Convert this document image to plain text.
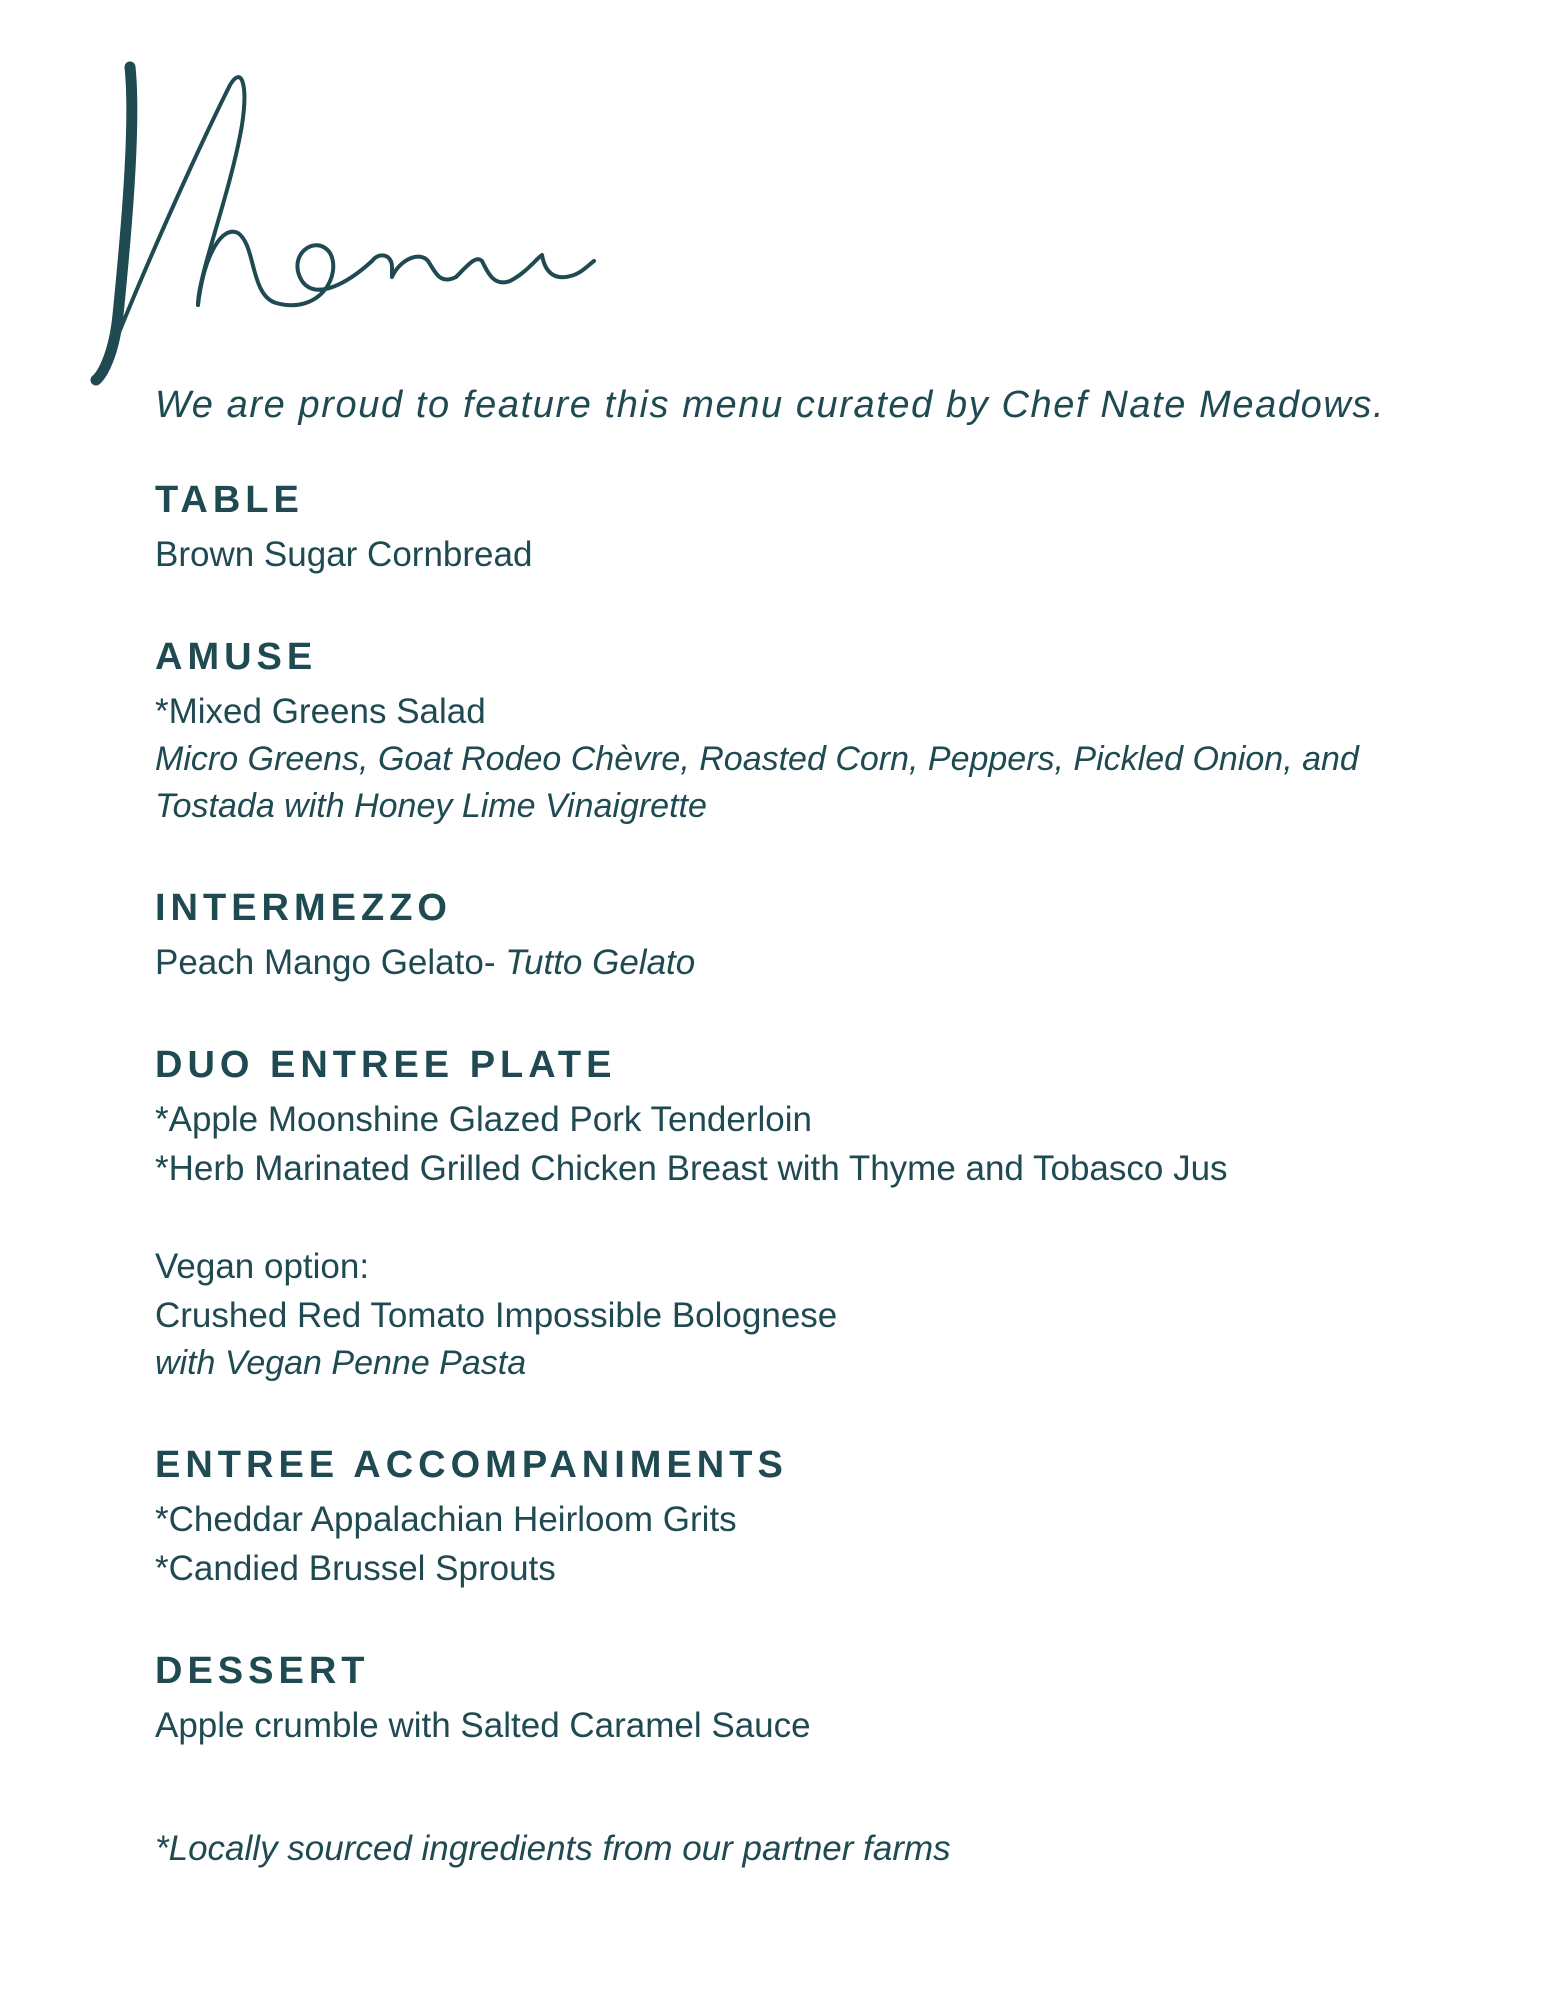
We are proud to feature this menu curated by Chef Nate Meadows.

TABLE

Brown Sugar Cornbread

AMUSE

*Mixed Greens Salad

Micro Greens, Goat Rodeo Chèvre, Roasted Corn, Peppers, Pickled Onion, and

Tostada with Honey Lime Vinaigrette

INTERMEZZO

Peach Mango Gelato- Tutto Gelato

DUO ENTREE PLATE

*Apple Moonshine Glazed Pork Tenderloin

*Herb Marinated Grilled Chicken Breast with Thyme and Tobasco Jus

Vegan option:

Crushed Red Tomato Impossible Bolognese

with Vegan Penne Pasta

ENTREE ACCOMPANIMENTS

*Cheddar Appalachian Heirloom Grits

*Candied Brussel Sprouts

DESSERT

Apple crumble with Salted Caramel Sauce

*Locally sourced ingredients from our partner farms
